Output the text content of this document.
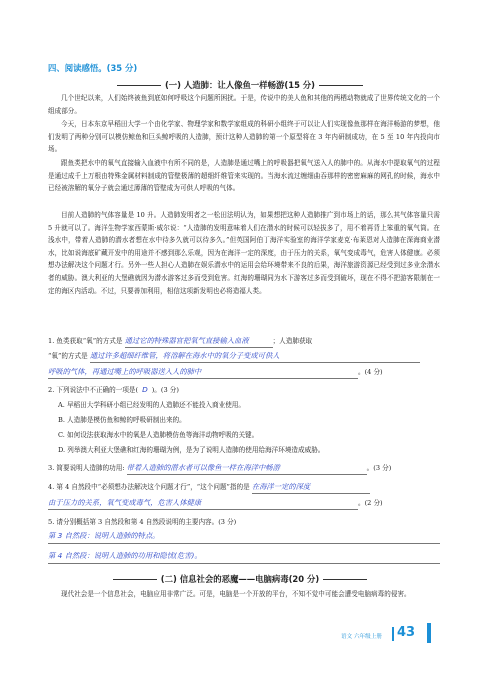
四、阅读感悟。(35 分)
(一) 人造肺：让人像鱼一样畅游(15 分)
几个世纪以来，人们始终被鱼到底如何呼吸这个问题所困扰。于是，传说中的美人鱼和其他的两栖动物就成了世界传统文化的一个组成部分。
今天，日本东京早稻田大学一个由化学家、物理学家和数学家组成的科研小组终于可以让人们实现像鱼那样在海洋畅游的梦想，他们发明了两种分别可以模仿鲸鱼和巨头鲸呼吸的人造肺，预计这种人造肺的第一个原型将在 3 年内研制成功，在 5 至 10 年内投向市场。
跟鱼类把水中的氧气直接输入血液中有所不同的是，人造肺是通过嘴上的呼吸器把氧气送入人的肺中的。从海水中提取氧气的过程是通过成千上万根由特殊金属材料制成的管壁极薄的超细纤维管来实现的。当海水流过缠细曲吞那样的密密麻麻的网孔的时候，海水中已经被溶解的氧分子就会通过薄薄的管壁成为可供人呼吸的气体。
目前人造肺的气体容量是 10 升。人造肺发明者之一松田法明认为，如果想把这种人造肺推广到市场上的话，那么其气体容量只需 5 升就可以了。海洋生物学家西蒙斯·威尔说：“人造肺的发明意味着人们在潜水的时候可以轻拔多了，用不着再背上笨重的氧气筒。在浅水中，带着人造肺的潜水者想在水中待多久就可以待多久。”但英国阿伯丁海洋实验室的海洋学家麦克·布莱恩对人造肺在深海商业潜水，比如说海底矿藏开发中的用途并不感到那么乐观，因为在海洋一定的深度，由于压力的关系，氧气变成毒气，危害人体健康。必须想办法解决这个问题才行。另外一些人担心人造肺在娱乐潜水中的运用会给环境带来不良的后果，海洋旅游资源已经受到过多业余潜水者的威胁。澳大利亚的大堡礁就因为潜水游客过多而受到危害。红海的珊瑚同为水下游客过多而受到破坏，现在不得不把游客限制在一定的海区内活动。不过，只要善加利用，相信这项新发明也必将造福人类。
1. 鱼类获取“氧”的方式是 通过它的特殊器官把氧气直接输入血液	；人造肺获取
“氧”的方式是 通过许多超细纤维管，将溶解在海水中的氧分子变成可供人
呼吸的气体，再通过嘴上的呼吸器送入人的肺中	。(4 分)
2. 下列说法中不正确的一项是( D )。(3 分)
A. 早稻田大学科研小组已经发明的人造肺还不能投入商业使用。
B. 人造肺是模仿鱼和鲸的呼吸研制出来的。
C. 如何设法获取海水中的氧是人造肺模仿鱼等海洋动物呼吸的关键。
D. 列举澳大利亚大堡礁和红海的珊瑚为例，是为了说明人造肺的使用给海洋环境造成威胁。
3. 简要说明人造肺的功用: 带着人造肺的潜水者可以像鱼一样在海洋中畅游	。(3 分)
4. 第 4 自然段中“必须想办法解决这个问题才行”，“这个问题”指的是 在海洋一定的深度
由于压力的关系，氧气变成毒气，危害人体健康	。(2 分)
5. 请分别概括第 3 自然段和第 4 自然段说明的主要内容。(3 分)
第 3 自然段：说明人造肺的特点。
第 4 自然段：说明人造肺的功用和隐忧(危害)。
(二) 信息社会的恶魔——电脑病毒(20 分)
现代社会是一个信息社会，电脑应用非常广泛。可是，电脑是一个开放的平台，不知不觉中可能会遭受电脑病毒的侵害。
语文 六年级上册 43
